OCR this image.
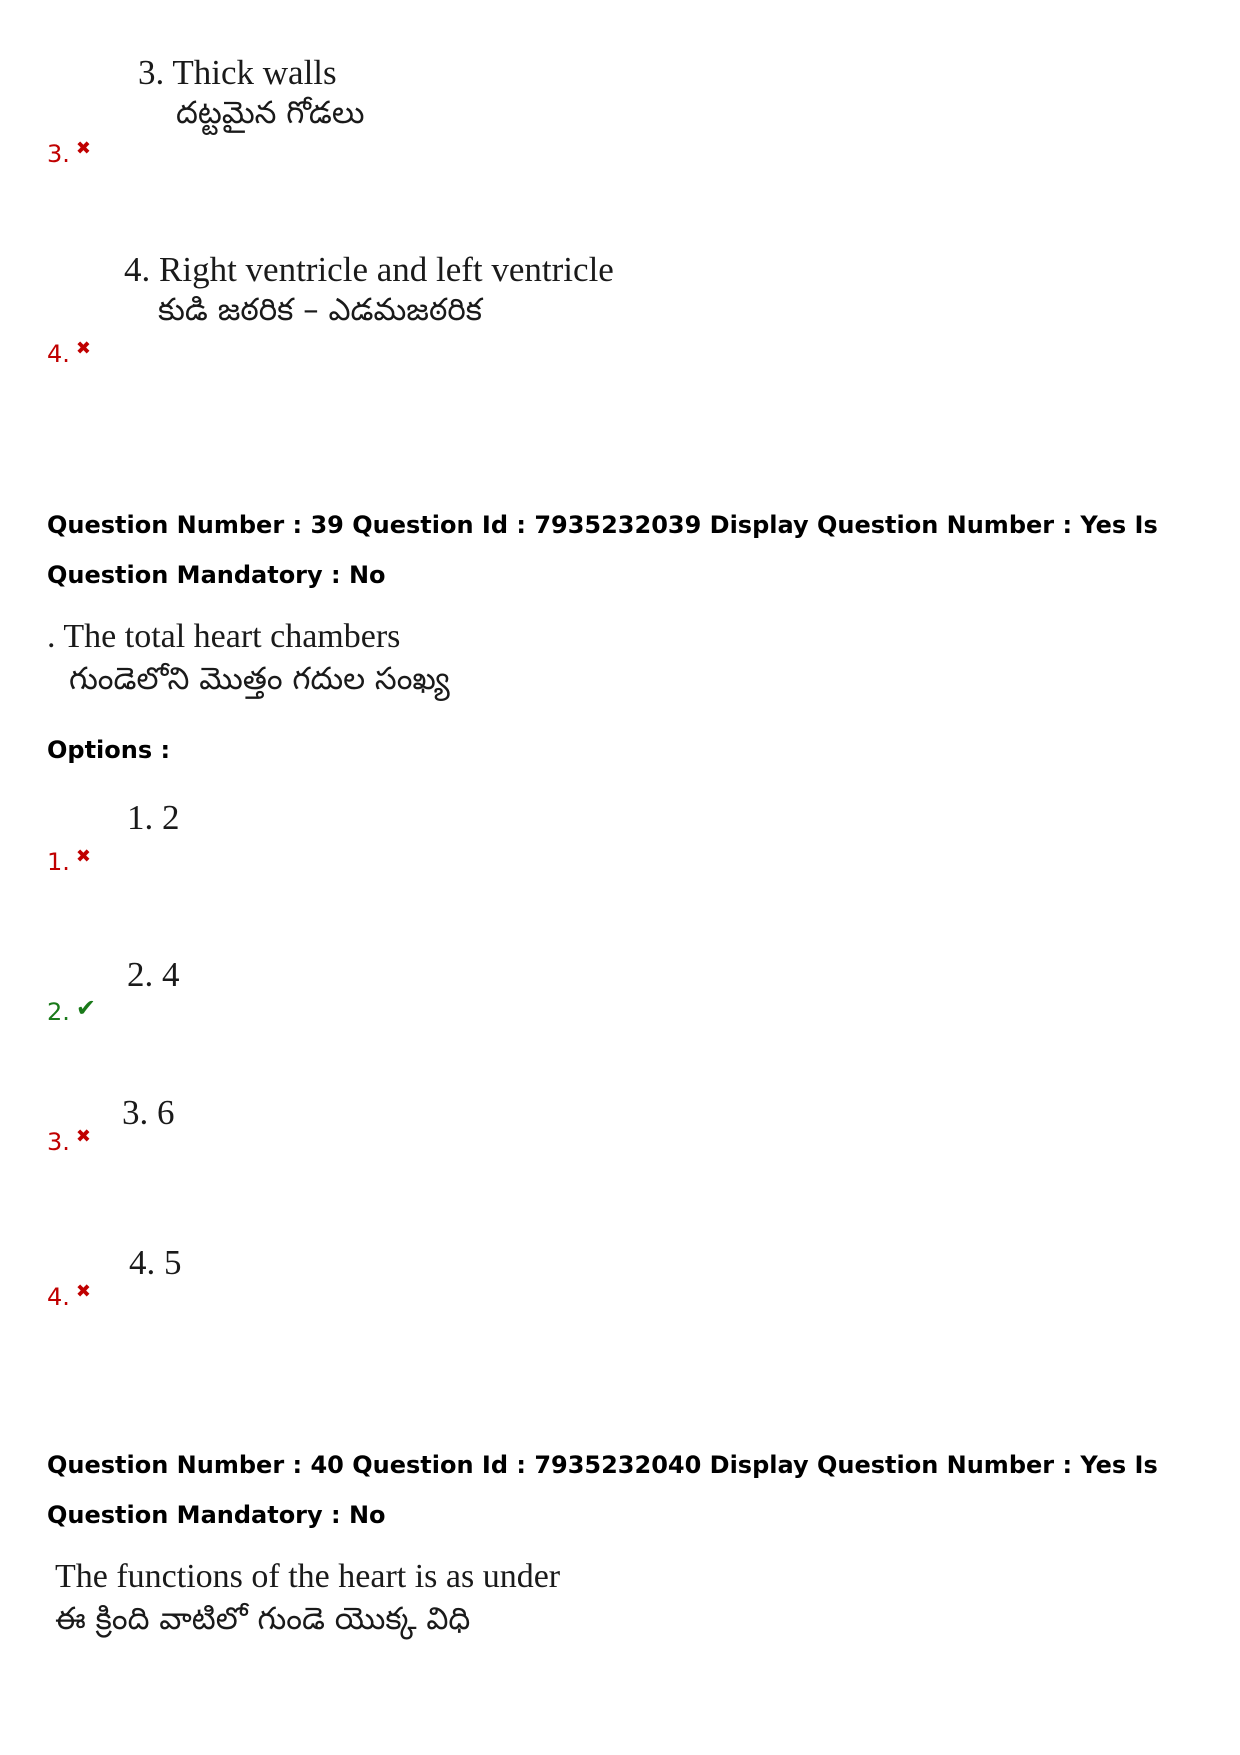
3. Thick walls
దట్టమైన గోడలు
3. ✖
4. Right ventricle and left ventricle
కుడి జఠరిక – ఎడమజఠరిక
4. ✖
Question Number : 39 Question Id : 7935232039 Display Question Number : Yes Is Question Mandatory : No
. The total heart chambers
గుండెలోని మొత్తం గదుల సంఖ్య
Options :
1. 2
1. ✖
2. 4
2. ✔
3. 6
3. ✖
4. 5
4. ✖
Question Number : 40 Question Id : 7935232040 Display Question Number : Yes Is Question Mandatory : No
The functions of the heart is as under
ఈ క్రింది వాటిలో గుండె యొక్క విధి
